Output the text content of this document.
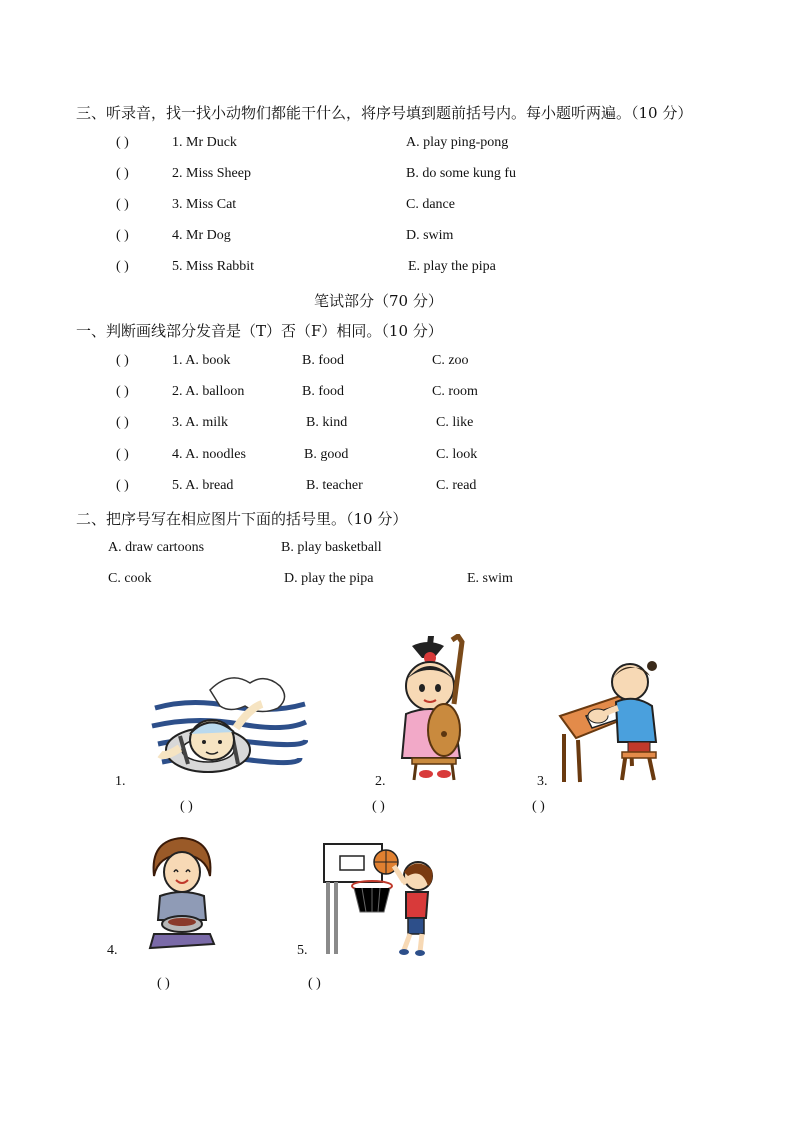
三、听录音，找一找小动物们都能干什么，将序号填到题前括号内。每小题听两遍。（10 分）
( )	1. Mr Duck	A. play ping-pong
( )	2. Miss Sheep	B. do some kung fu
( )	3. Miss Cat	C. dance
( )	4. Mr Dog	D. swim
( )	5. Miss Rabbit	E. play the pipa
笔试部分（70 分）
一、判断画线部分发音是（T）否（F）相同。（10 分）
( )	1. A. book	B. food	C. zoo
( )	2. A. balloon	B. food	C. room
( )	3. A. milk	B. kind	C. like
( )	4. A. noodles	B. good	C. look
( )	5. A. bread	B. teacher	C. read
二、把序号写在相应图片下面的括号里。（10 分）
A. draw cartoons	B. play basketball
C. cook	D. play the pipa	E. swim
1.
( )
2.
( )
3.
( )
4.
( )
5.
( )
